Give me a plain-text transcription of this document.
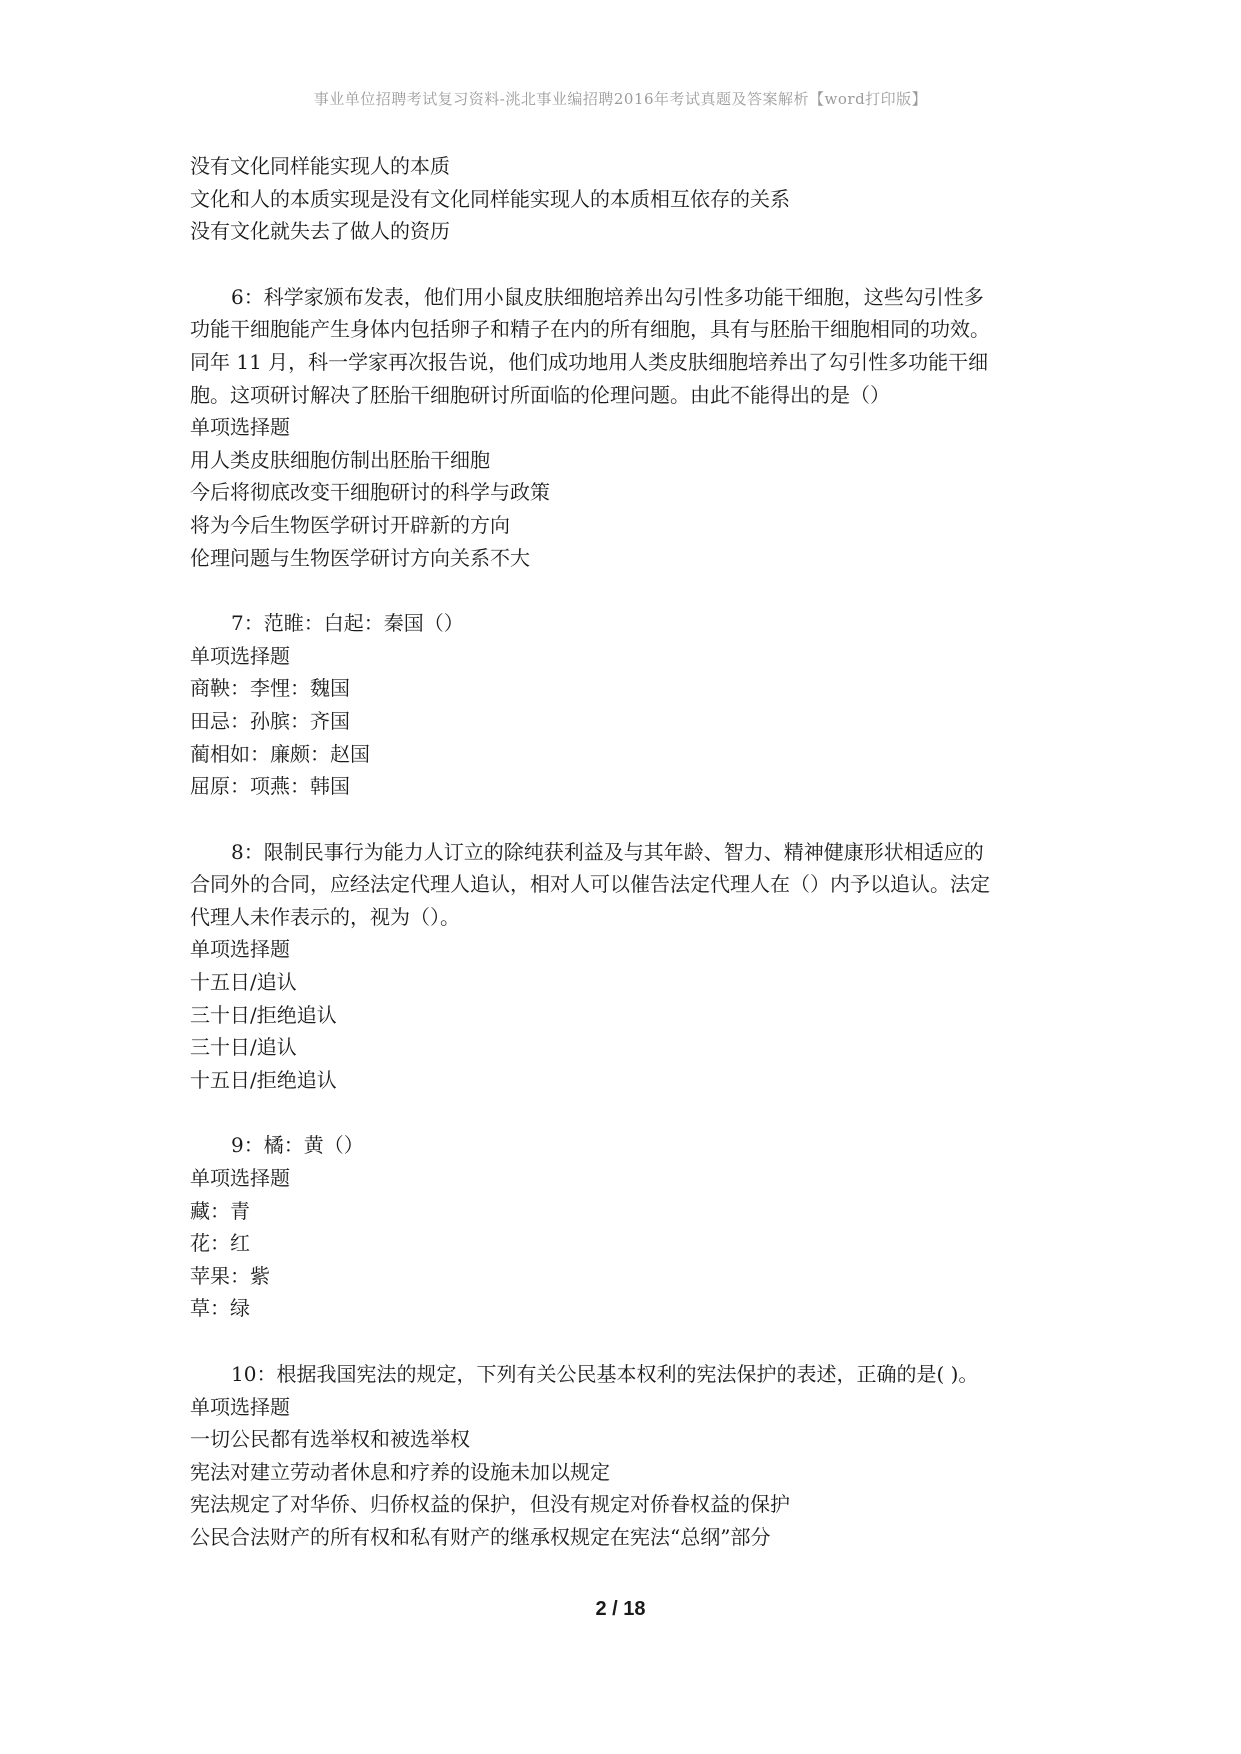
事业单位招聘考试复习资料-洮北事业编招聘2016年考试真题及答案解析【word打印版】
没有文化同样能实现人的本质
文化和人的本质实现是没有文化同样能实现人的本质相互依存的关系
没有文化就失去了做人的资历
6：科学家颁布发表，他们用小鼠皮肤细胞培养出勾引性多功能干细胞，这些勾引性多
功能干细胞能产生身体内包括卵子和精子在内的所有细胞，具有与胚胎干细胞相同的功效。
同年 11 月，科一学家再次报告说，他们成功地用人类皮肤细胞培养出了勾引性多功能干细
胞。这项研讨解决了胚胎干细胞研讨所面临的伦理问题。由此不能得出的是（）
单项选择题
用人类皮肤细胞仿制出胚胎干细胞
今后将彻底改变干细胞研讨的科学与政策
将为今后生物医学研讨开辟新的方向
伦理问题与生物医学研讨方向关系不大
7：范睢：白起：秦国（）
单项选择题
商鞅：李悝：魏国
田忌：孙膑：齐国
蔺相如：廉颇：赵国
屈原：项燕：韩国
8：限制民事行为能力人订立的除纯获利益及与其年龄、智力、精神健康形状相适应的
合同外的合同，应经法定代理人追认，相对人可以催告法定代理人在（）内予以追认。法定
代理人未作表示的，视为（）。
单项选择题
十五日/追认
三十日/拒绝追认
三十日/追认
十五日/拒绝追认
9：橘：黄（）
单项选择题
藏：青
花：红
苹果：紫
草：绿
10：根据我国宪法的规定，下列有关公民基本权利的宪法保护的表述，正确的是( )。
单项选择题
一切公民都有选举权和被选举权
宪法对建立劳动者休息和疗养的设施未加以规定
宪法规定了对华侨、归侨权益的保护，但没有规定对侨眷权益的保护
公民合法财产的所有权和私有财产的继承权规定在宪法“总纲”部分
2 / 18
